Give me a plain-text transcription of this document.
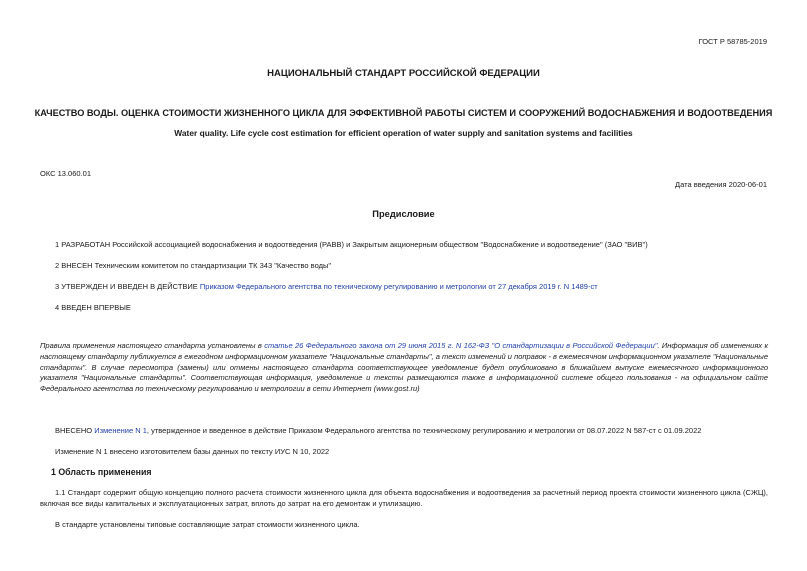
ГОСТ Р 58785-2019
НАЦИОНАЛЬНЫЙ СТАНДАРТ РОССИЙСКОЙ ФЕДЕРАЦИИ
КАЧЕСТВО ВОДЫ. ОЦЕНКА СТОИМОСТИ ЖИЗНЕННОГО ЦИКЛА ДЛЯ ЭФФЕКТИВНОЙ РАБОТЫ СИСТЕМ И СООРУЖЕНИЙ ВОДОСНАБЖЕНИЯ И ВОДООТВЕДЕНИЯ
Water quality. Life cycle cost estimation for efficient operation of water supply and sanitation systems and facilities
ОКС 13.060.01
Дата введения 2020-06-01
Предисловие
1 РАЗРАБОТАН Российской ассоциацией водоснабжения и водоотведения (РАВВ) и Закрытым акционерным обществом "Водоснабжение и водоотведение" (ЗАО "ВИВ")
2 ВНЕСЕН Техническим комитетом по стандартизации ТК 343 "Качество воды"
3 УТВЕРЖДЕН И ВВЕДЕН В ДЕЙСТВИЕ Приказом Федерального агентства по техническому регулированию и метрологии от 27 декабря 2019 г. N 1489-ст
4 ВВЕДЕН ВПЕРВЫЕ
Правила применения настоящего стандарта установлены в статье 26 Федерального закона от 29 июня 2015 г. N 162-ФЗ "О стандартизации в Российской Федерации". Информация об изменениях к настоящему стандарту публикуется в ежегодном информационном указателе "Национальные стандарты", а текст изменений и поправок - в ежемесячном информационном указателе "Национальные стандарты". В случае пересмотра (замены) или отмены настоящего стандарта соответствующее уведомление будет опубликовано в ближайшем выпуске ежемесячного информационного указателя "Национальные стандарты". Соответствующая информация, уведомление и тексты размещаются также в информационной системе общего пользования - на официальном сайте Федерального агентства по техническому регулированию и метрологии в сети Интернет (www.gost.ru)
ВНЕСЕНО Изменение N 1, утвержденное и введенное в действие Приказом Федерального агентства по техническому регулированию и метрологии от 08.07.2022 N 587-ст с 01.09.2022
Изменение N 1 внесено изготовителем базы данных по тексту ИУС N 10, 2022
1 Область применения
1.1 Стандарт содержит общую концепцию полного расчета стоимости жизненного цикла для объекта водоснабжения и водоотведения за расчетный период проекта стоимости жизненного цикла (СЖЦ), включая все виды капитальных и эксплуатационных затрат, вплоть до затрат на его демонтаж и утилизацию.
В стандарте установлены типовые составляющие затрат стоимости жизненного цикла.
